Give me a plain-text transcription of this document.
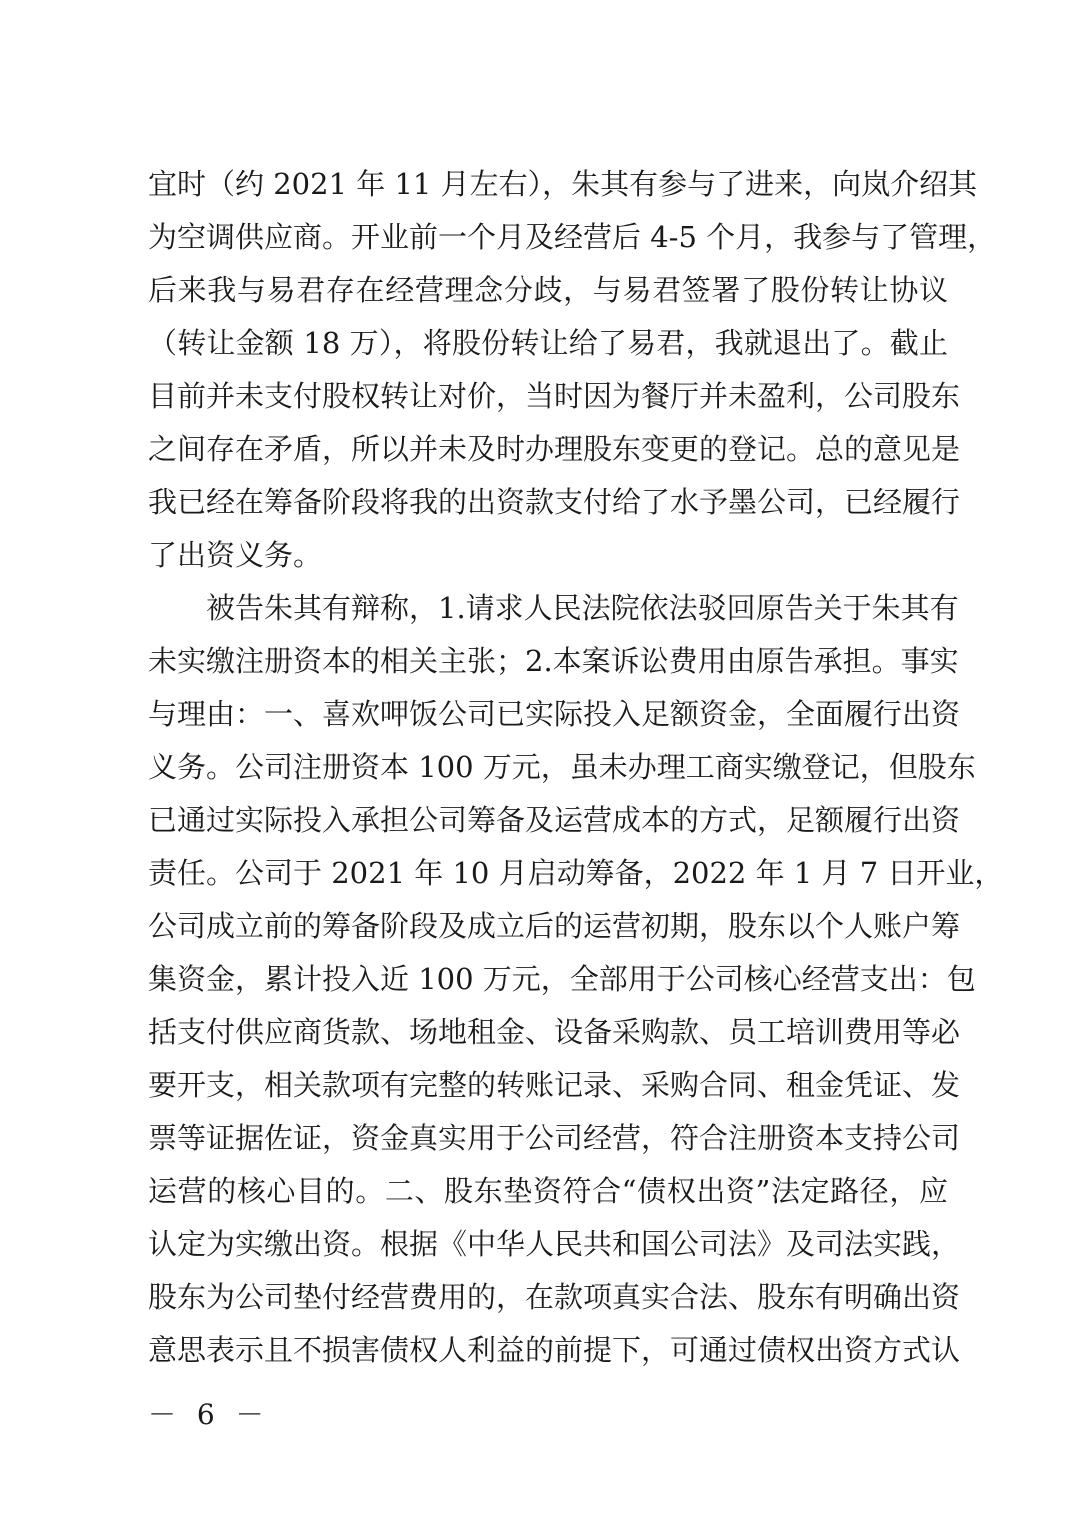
宜时（约 2021 年 11 月左右），朱其有参与了进来，向岚介绍其
为空调供应商。开业前一个月及经营后 4-5 个月，我参与了管理，
后来我与易君存在经营理念分歧，与易君签署了股份转让协议
（转让金额 18 万），将股份转让给了易君，我就退出了。截止
目前并未支付股权转让对价，当时因为餐厅并未盈利，公司股东
之间存在矛盾，所以并未及时办理股东变更的登记。总的意见是
我已经在筹备阶段将我的出资款支付给了水予墨公司，已经履行
了出资义务。
被告朱其有辩称，1.请求人民法院依法驳回原告关于朱其有
未实缴注册资本的相关主张；2.本案诉讼费用由原告承担。事实
与理由：一、喜欢呷饭公司已实际投入足额资金，全面履行出资
义务。公司注册资本 100 万元，虽未办理工商实缴登记，但股东
已通过实际投入承担公司筹备及运营成本的方式，足额履行出资
责任。公司于 2021 年 10 月启动筹备，2022 年 1 月 7 日开业，
公司成立前的筹备阶段及成立后的运营初期，股东以个人账户筹
集资金，累计投入近 100 万元，全部用于公司核心经营支出：包
括支付供应商货款、场地租金、设备采购款、员工培训费用等必
要开支，相关款项有完整的转账记录、采购合同、租金凭证、发
票等证据佐证，资金真实用于公司经营，符合注册资本支持公司
运营的核心目的。二、股东垫资符合“债权出资”法定路径，应
认定为实缴出资。根据《中华人民共和国公司法》及司法实践，
股东为公司垫付经营费用的，在款项真实合法、股东有明确出资
意思表示且不损害债权人利益的前提下，可通过债权出资方式认
－ 6 －
